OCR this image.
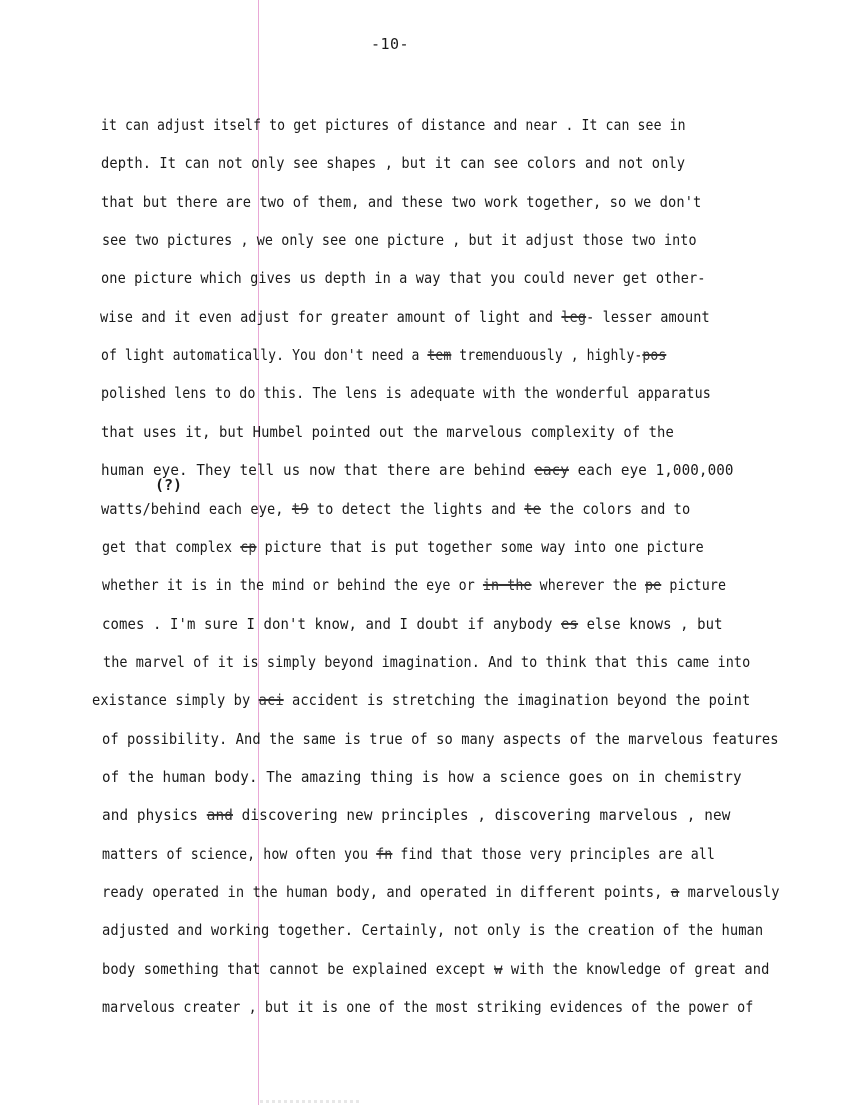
-10-
(?)
it can adjust itself to get pictures of distance and near . It can see in
depth. It can not only see shapes , but it can see colors and not only
that but there are two of them, and these two work together, so we don't
see two pictures , we only see one picture , but it adjust those two into
one picture which gives us depth in a way that you could never get other-
wise and it even adjust for greater amount of light and leg- lesser amount
of light automatically. You don't need a tem tremenduously , highly-pos
polished lens to do this. The lens is adequate with the wonderful apparatus
that uses it, but Humbel pointed out the marvelous complexity of the
human eye. They tell us now that there are behind eacy each eye 1,000,000
watts/behind each eye, t9 to detect the lights and te the colors and to
get that complex cp picture that is put together some way into one picture
whether it is in the mind or behind the eye or in the wherever the pe picture
comes . I'm sure I don't know, and I doubt if anybody es else knows , but
the marvel of it is simply beyond imagination. And to think that this came into
existance simply by aci accident is stretching the imagination beyond the point
of possibility. And the same is true of so many aspects of the marvelous features
of the human body. The amazing thing is how a science goes on in chemistry
and physics and discovering new principles , discovering marvelous , new
matters of science, how often you fn find that those very principles are all
ready operated in the human body, and operated in different points, a marvelously
adjusted and working together. Certainly, not only is the creation of the human
body something that cannot be explained except w with the knowledge of great and
marvelous creater , but it is one of the most striking evidences of the power of
